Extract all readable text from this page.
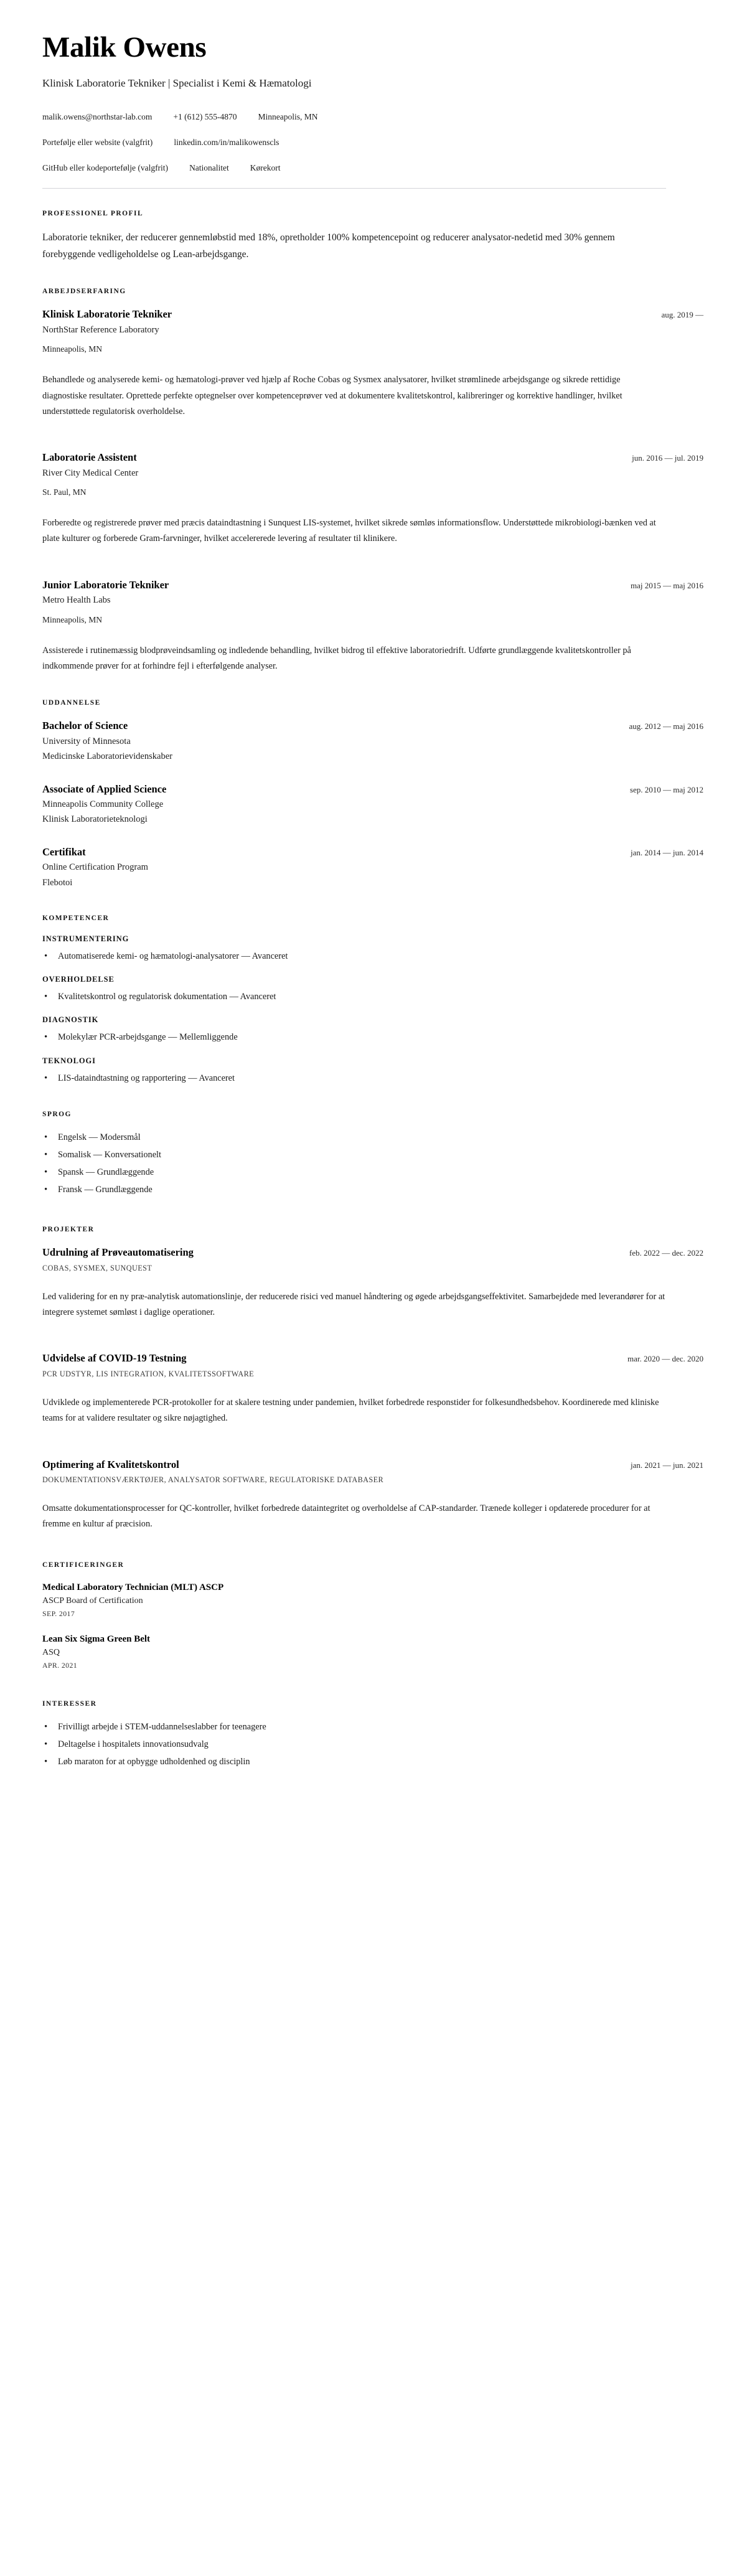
Malik Owens

Klinisk Laboratorie Tekniker | Specialist i Kemi & Hæmatologi

malik.owens@northstar-lab.com	+1 (612) 555-4870	Minneapolis, MN
Portefølje eller website (valgfrit)	linkedin.com/in/malikowenscls
GitHub eller kodeportefølje (valgfrit)	Nationalitet	Kørekort
PROFESSIONEL PROFIL

Laboratorie tekniker, der reducerer gennemløbstid med 18%, opretholder 100% kompetencepoint og reducerer analysator-nedetid med 30% gennem forebyggende vedligeholdelse og Lean-arbejdsgange.

ARBEJDSERFARING
Klinisk Laboratorie Tekniker	aug. 2019 —

NorthStar Reference Laboratory

Minneapolis, MN

Behandlede og analyserede kemi- og hæmatologi-prøver ved hjælp af Roche Cobas og Sysmex analysatorer, hvilket strømlinede arbejdsgange og sikrede rettidige diagnostiske resultater. Oprettede perfekte optegnelser over kompetenceprøver ved at dokumentere kvalitetskontrol, kalibreringer og korrektive handlinger, hvilket understøttede regulatorisk overholdelse.

Laboratorie Assistent	jun. 2016 — jul. 2019

River City Medical Center

St. Paul, MN

Forberedte og registrerede prøver med præcis dataindtastning i Sunquest LIS-systemet, hvilket sikrede sømløs informationsflow. Understøttede mikrobiologi-bænken ved at plate kulturer og forberede Gram-farvninger, hvilket accelererede levering af resultater til klinikere.

Junior Laboratorie Tekniker	maj 2015 — maj 2016

Metro Health Labs

Minneapolis, MN

Assisterede i rutinemæssig blodprøveindsamling og indledende behandling, hvilket bidrog til effektive laboratoriedrift. Udførte grundlæggende kvalitetskontroller på indkommende prøver for at forhindre fejl i efterfølgende analyser.

UDDANNELSE
Bachelor of Science	aug. 2012 — maj 2016

University of Minnesota

Medicinske Laboratorievidenskaber

Associate of Applied Science	sep. 2010 — maj 2012

Minneapolis Community College

Klinisk Laboratorieteknologi

Certifikat	jan. 2014 — jun. 2014

Online Certification Program

Flebotoi

KOMPETENCER
INSTRUMENTERING
• Automatiserede kemi- og hæmatologi-analysatorer — Avanceret
OVERHOLDELSE
• Kvalitetskontrol og regulatorisk dokumentation — Avanceret
DIAGNOSTIK
• Molekylær PCR-arbejdsgange — Mellemliggende
TEKNOLOGI
• LIS-dataindtastning og rapportering — Avanceret
SPROG
• Engelsk — Modersmål
• Somalisk — Konversationelt
• Spansk — Grundlæggende
• Fransk — Grundlæggende
PROJEKTER
Udrulning af Prøveautomatisering	feb. 2022 — dec. 2022

COBAS, SYSMEX, SUNQUEST

Led validering for en ny præ-analytisk automationslinje, der reducerede risici ved manuel håndtering og øgede arbejdsgangseffektivitet. Samarbejdede med leverandører for at integrere systemet sømløst i daglige operationer.

Udvidelse af COVID-19 Testning	mar. 2020 — dec. 2020

PCR UDSTYR, LIS INTEGRATION, KVALITETSSOFTWARE

Udviklede og implementerede PCR-protokoller for at skalere testning under pandemien, hvilket forbedrede responstider for folkesundhedsbehov. Koordinerede med kliniske teams for at validere resultater og sikre nøjagtighed.

Optimering af Kvalitetskontrol	jan. 2021 — jun. 2021

DOKUMENTATIONSVÆRKTØJER, ANALYSATOR SOFTWARE, REGULATORISKE DATABASER

Omsatte dokumentationsprocesser for QC-kontroller, hvilket forbedrede dataintegritet og overholdelse af CAP-standarder. Trænede kolleger i opdaterede procedurer for at fremme en kultur af præcision.

CERTIFICERINGER
Medical Laboratory Technician (MLT) ASCP

ASCP Board of Certification

SEP. 2017

Lean Six Sigma Green Belt

ASQ

APR. 2021

INTERESSER
• Frivilligt arbejde i STEM-uddannelseslabber for teenagere
• Deltagelse i hospitalets innovationsudvalg
• Løb maraton for at opbygge udholdenhed og disciplin
